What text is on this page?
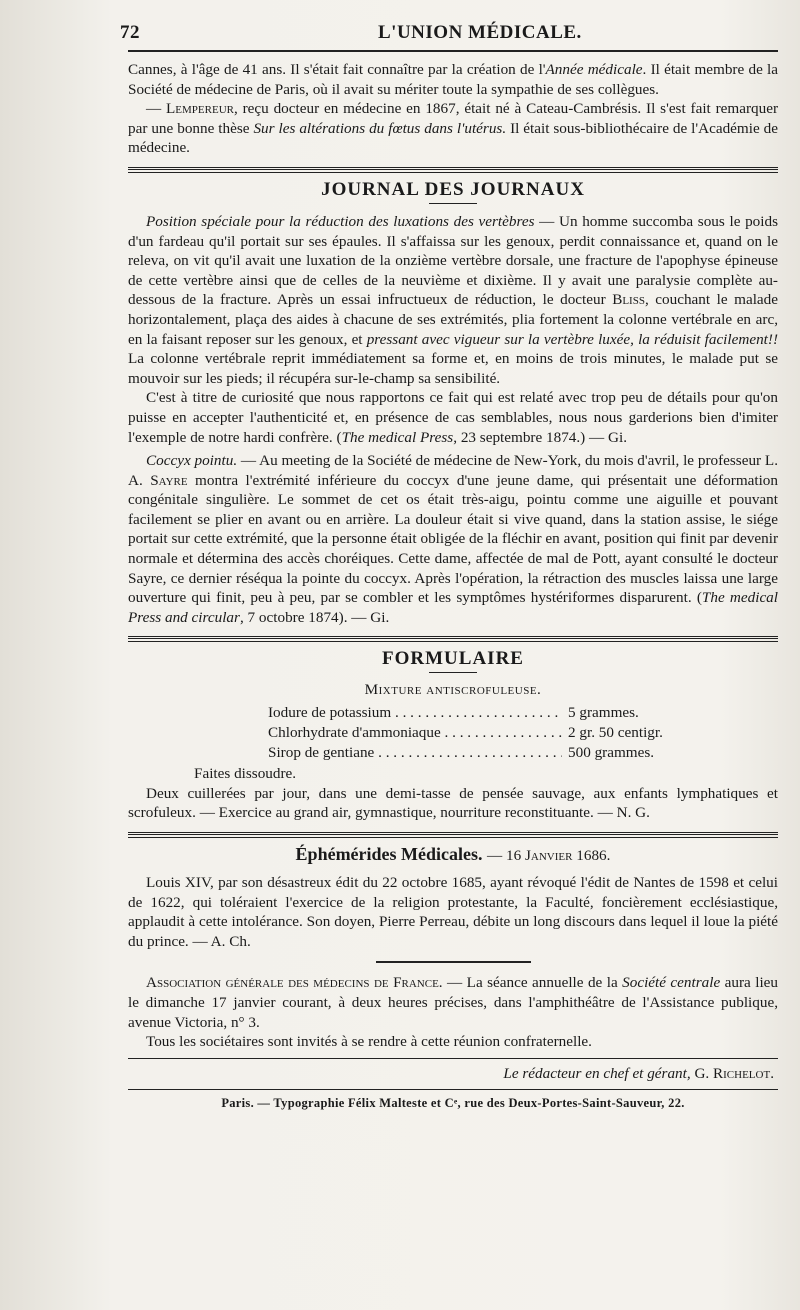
72	L'UNION MÉDICALE.

Cannes, à l'âge de 41 ans. Il s'était fait connaître par la création de l'Année médicale. Il était membre de la Société de médecine de Paris, où il avait su mériter toute la sympathie de ses collègues.

— Lempereur, reçu docteur en médecine en 1867, était né à Cateau-Cambrésis. Il s'est fait remarquer par une bonne thèse Sur les altérations du fœtus dans l'utérus. Il était sous-bibliothécaire de l'Académie de médecine.

JOURNAL DES JOURNAUX

Position spéciale pour la réduction des luxations des vertèbres — Un homme succomba sous le poids d'un fardeau qu'il portait sur ses épaules. Il s'affaissa sur les genoux, perdit connaissance et, quand on le releva, on vit qu'il avait une luxation de la onzième vertèbre dorsale, une fracture de l'apophyse épineuse de cette vertèbre ainsi que de celles de la neuvième et dixième. Il y avait une paralysie complète au-dessous de la fracture. Après un essai infructueux de réduction, le docteur Bliss, couchant le malade horizontalement, plaça des aides à chacune de ses extrémités, plia fortement la colonne vertébrale en arc, en la faisant reposer sur les genoux, et pressant avec vigueur sur la vertèbre luxée, la réduisit facilement!! La colonne vertébrale reprit immédiatement sa forme et, en moins de trois minutes, le malade put se mouvoir sur les pieds; il récupéra sur-le-champ sa sensibilité.

C'est à titre de curiosité que nous rapportons ce fait qui est relaté avec trop peu de détails pour qu'on puisse en accepter l'authenticité et, en présence de cas semblables, nous nous garderions bien d'imiter l'exemple de notre hardi confrère. (The medical Press, 23 septembre 1874.) — Gi.

Coccyx pointu. — Au meeting de la Société de médecine de New-York, du mois d'avril, le professeur L. A. Sayre montra l'extrémité inférieure du coccyx d'une jeune dame, qui présentait une déformation congénitale singulière. Le sommet de cet os était très-aigu, pointu comme une aiguille et pouvant facilement se plier en avant ou en arrière. La douleur était si vive quand, dans la station assise, le siége portait sur cette extrémité, que la personne était obligée de la fléchir en avant, position qui finit par devenir normale et détermina des accès choréiques. Cette dame, affectée de mal de Pott, ayant consulté le docteur Sayre, ce dernier réséqua la pointe du coccyx. Après l'opération, la rétraction des muscles laissa une large ouverture qui finit, peu à peu, par se combler et les symptômes hystériformes disparurent. (The medical Press and circular, 7 octobre 1874). — Gi.

FORMULAIRE
Mixture antiscrofuleuse.
Iodure de potassium . . .	5 grammes.
Chlorhydrate d'ammoniaque . . .	2 gr. 50 centigr.
Sirop de gentiane . . .	500 grammes.

Faites dissoudre.

Deux cuillerées par jour, dans une demi-tasse de pensée sauvage, aux enfants lymphatiques et scrofuleux. — Exercice au grand air, gymnastique, nourriture reconstituante. — N. G.

Éphémérides Médicales. — 16 Janvier 1686.

Louis XIV, par son désastreux édit du 22 octobre 1685, ayant révoqué l'édit de Nantes de 1598 et celui de 1622, qui toléraient l'exercice de la religion protestante, la Faculté, foncièrement ecclésiastique, applaudit à cette intolérance. Son doyen, Pierre Perreau, débite un long discours dans lequel il loue la piété du prince. — A. Ch.

Association générale des médecins de France. — La séance annuelle de la Société centrale aura lieu le dimanche 17 janvier courant, à deux heures précises, dans l'amphithéâtre de l'Assistance publique, avenue Victoria, n° 3.

Tous les sociétaires sont invités à se rendre à cette réunion confraternelle.

Le rédacteur en chef et gérant, G. Richelot.
Paris. — Typographie Félix Malteste et Cᵉ, rue des Deux-Portes-Saint-Sauveur, 22.
